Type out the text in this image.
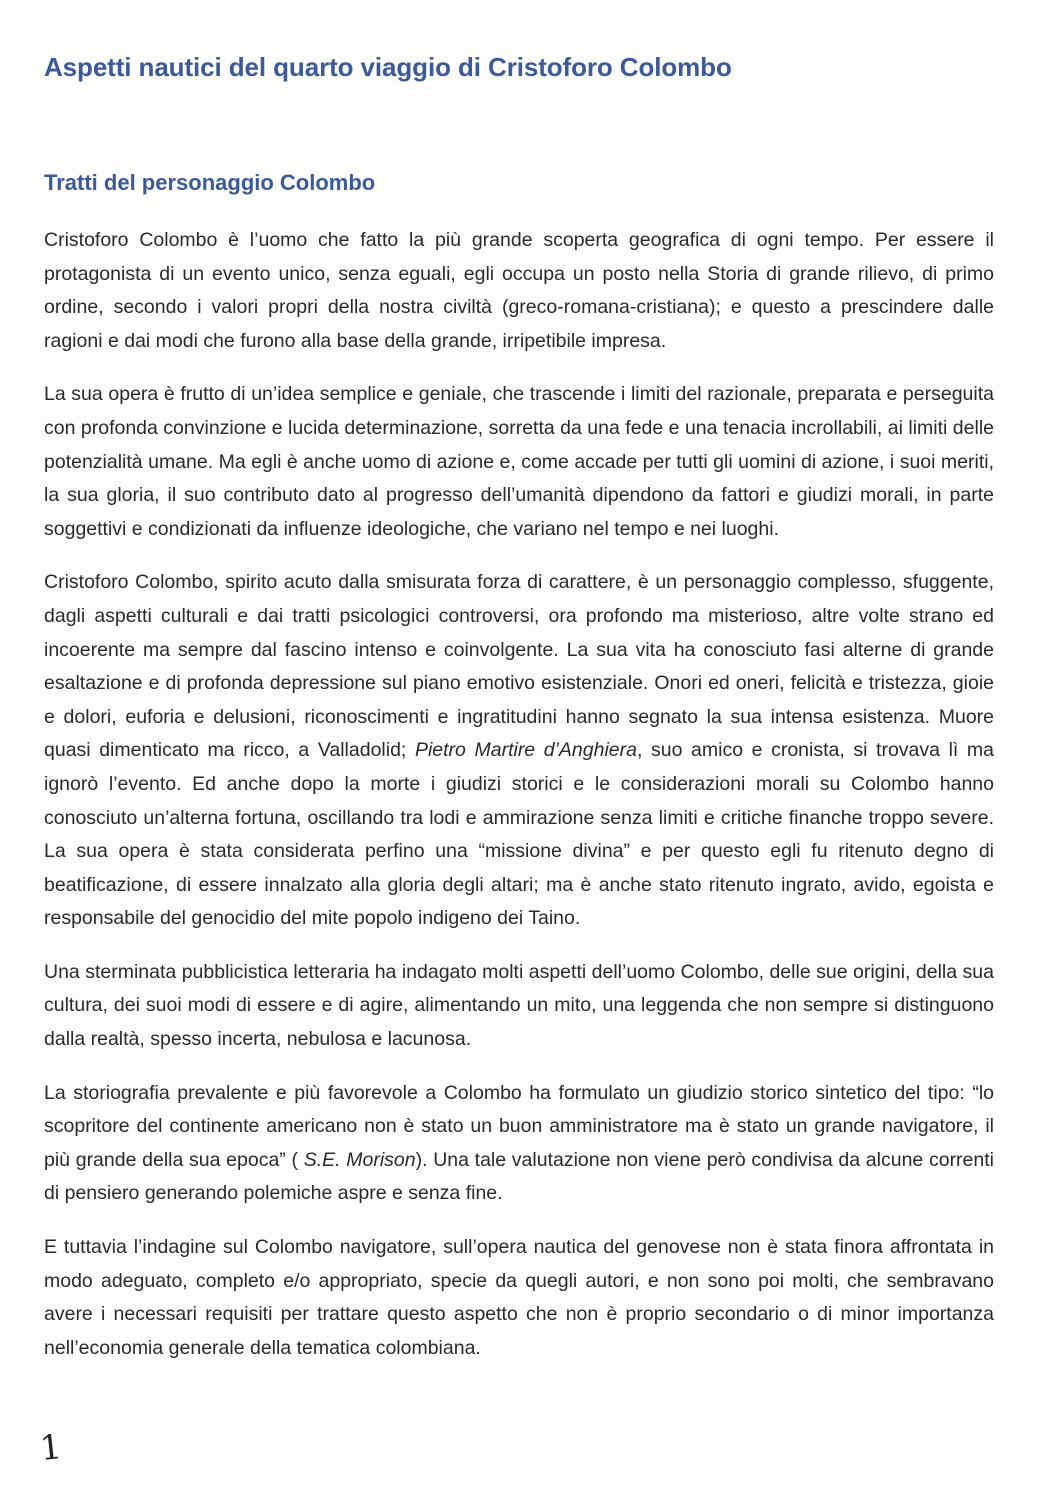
Aspetti nautici del quarto viaggio di Cristoforo Colombo
Tratti del personaggio Colombo

Cristoforo Colombo è l’uomo che fatto la più grande scoperta geografica di ogni tempo. Per essere il protagonista di un evento unico, senza eguali, egli occupa un posto nella Storia di grande rilievo, di primo ordine, secondo i valori propri della nostra civiltà (greco-romana-cristiana); e questo a prescindere dalle ragioni e dai modi che furono alla base della grande, irripetibile impresa.

La sua opera è frutto di un’idea semplice e geniale, che trascende i limiti del razionale, preparata e perseguita con profonda convinzione e lucida determinazione, sorretta da una fede e una tenacia incrollabili, ai limiti delle potenzialità umane. Ma egli è anche uomo di azione e, come accade per tutti gli uomini di azione, i suoi meriti, la sua gloria, il suo contributo dato al progresso dell’umanità dipendono da fattori e giudizi morali, in parte soggettivi e condizionati da influenze ideologiche, che variano nel tempo e nei luoghi.

Cristoforo Colombo, spirito acuto dalla smisurata forza di carattere, è un personaggio complesso, sfuggente, dagli aspetti culturali e dai tratti psicologici controversi, ora profondo ma misterioso, altre volte strano ed incoerente ma sempre dal fascino intenso e coinvolgente. La sua vita ha conosciuto fasi alterne di grande esaltazione e di profonda depressione sul piano emotivo esistenziale. Onori ed oneri, felicità e tristezza, gioie e dolori, euforia e delusioni, riconoscimenti e ingratitudini hanno segnato la sua intensa esistenza. Muore quasi dimenticato ma ricco, a Valladolid; Pietro Martire d’Anghiera, suo amico e cronista, si trovava lì ma ignorò l’evento. Ed anche dopo la morte i giudizi storici e le considerazioni morali su Colombo hanno conosciuto un’alterna fortuna, oscillando tra lodi e ammirazione senza limiti e critiche finanche troppo severe. La sua opera è stata considerata perfino una “missione divina” e per questo egli fu ritenuto degno di beatificazione, di essere innalzato alla gloria degli altari; ma è anche stato ritenuto ingrato, avido, egoista e responsabile del genocidio del mite popolo indigeno dei Taino.

Una sterminata pubblicistica letteraria ha indagato molti aspetti dell’uomo Colombo, delle sue origini, della sua cultura, dei suoi modi di essere e di agire, alimentando un mito, una leggenda che non sempre si distinguono dalla realtà, spesso incerta, nebulosa e lacunosa.

La storiografia prevalente e più favorevole a Colombo ha formulato un giudizio storico sintetico del tipo: “lo scopritore del continente americano non è stato un buon amministratore ma è stato un grande navigatore, il più grande della sua epoca” ( S.E. Morison). Una tale valutazione non viene però condivisa da alcune correnti di pensiero generando polemiche aspre e senza fine.

E tuttavia l’indagine sul Colombo navigatore, sull’opera nautica del genovese non è stata finora affrontata in modo adeguato, completo e/o appropriato, specie da quegli autori, e non sono poi molti, che sembravano avere i necessari requisiti per trattare questo aspetto che non è proprio secondario o di minor importanza nell’economia generale della tematica colombiana.

1
